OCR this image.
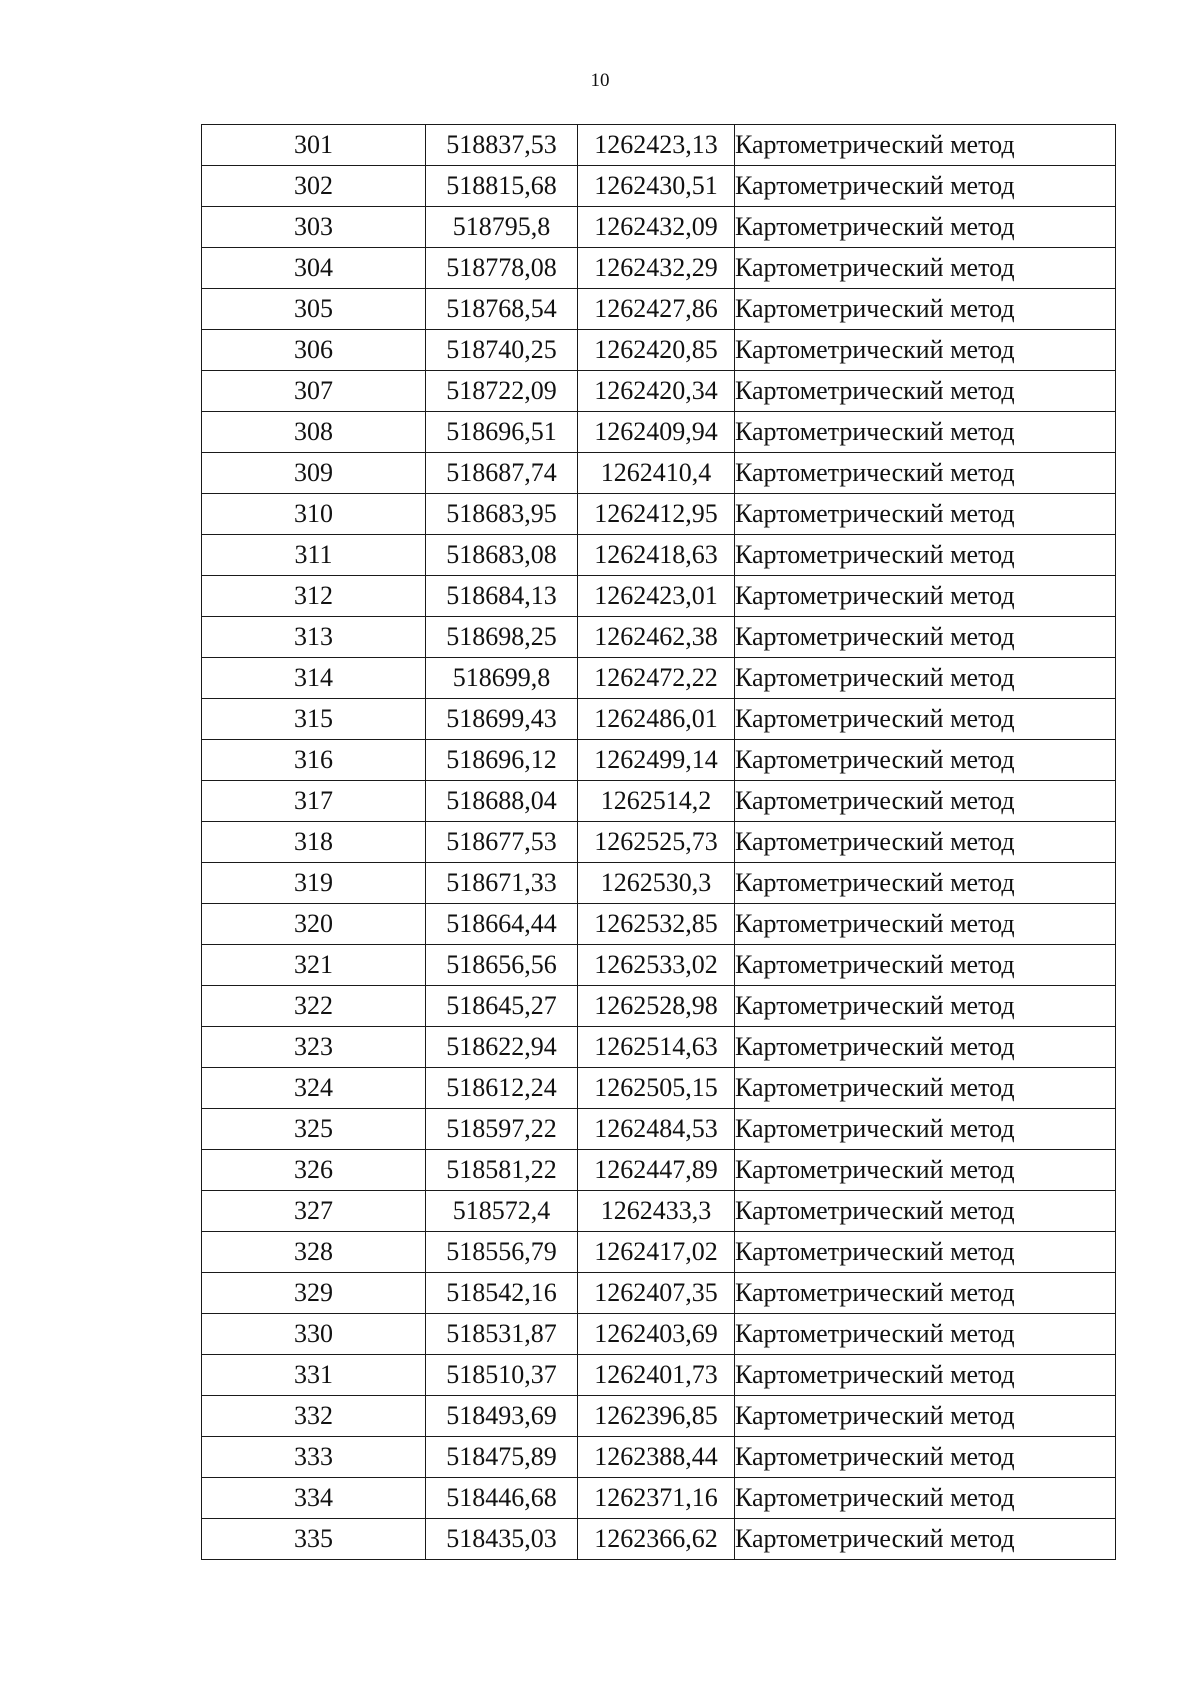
10
301	518837,53	1262423,13	Картометрический метод
302	518815,68	1262430,51	Картометрический метод
303	518795,8	1262432,09	Картометрический метод
304	518778,08	1262432,29	Картометрический метод
305	518768,54	1262427,86	Картометрический метод
306	518740,25	1262420,85	Картометрический метод
307	518722,09	1262420,34	Картометрический метод
308	518696,51	1262409,94	Картометрический метод
309	518687,74	1262410,4	Картометрический метод
310	518683,95	1262412,95	Картометрический метод
311	518683,08	1262418,63	Картометрический метод
312	518684,13	1262423,01	Картометрический метод
313	518698,25	1262462,38	Картометрический метод
314	518699,8	1262472,22	Картометрический метод
315	518699,43	1262486,01	Картометрический метод
316	518696,12	1262499,14	Картометрический метод
317	518688,04	1262514,2	Картометрический метод
318	518677,53	1262525,73	Картометрический метод
319	518671,33	1262530,3	Картометрический метод
320	518664,44	1262532,85	Картометрический метод
321	518656,56	1262533,02	Картометрический метод
322	518645,27	1262528,98	Картометрический метод
323	518622,94	1262514,63	Картометрический метод
324	518612,24	1262505,15	Картометрический метод
325	518597,22	1262484,53	Картометрический метод
326	518581,22	1262447,89	Картометрический метод
327	518572,4	1262433,3	Картометрический метод
328	518556,79	1262417,02	Картометрический метод
329	518542,16	1262407,35	Картометрический метод
330	518531,87	1262403,69	Картометрический метод
331	518510,37	1262401,73	Картометрический метод
332	518493,69	1262396,85	Картометрический метод
333	518475,89	1262388,44	Картометрический метод
334	518446,68	1262371,16	Картометрический метод
335	518435,03	1262366,62	Картометрический метод
